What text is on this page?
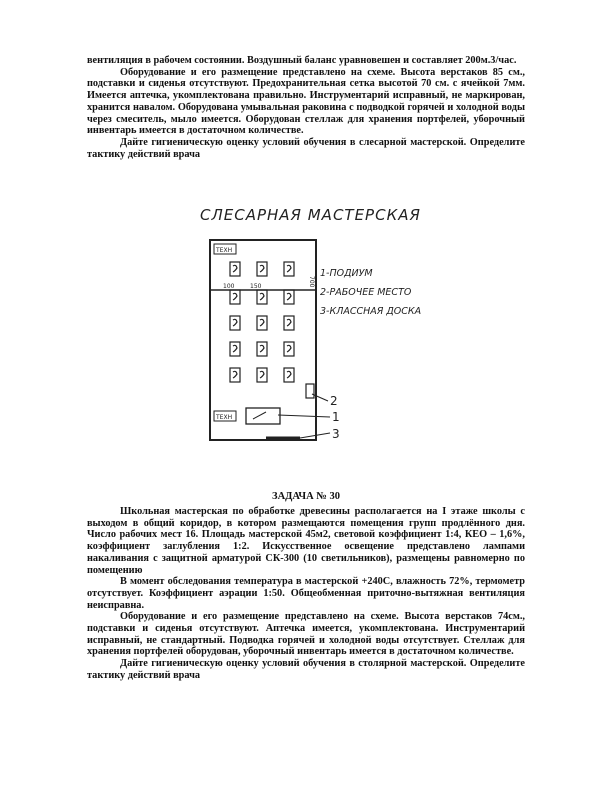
вентиляция в рабочем состоянии. Воздушный баланс уравновешен и составляет 200м.3/час.

Оборудование и его размещение представлено на схеме. Высота верстаков 85 см., подставки и сиденья отсутствуют. Предохранительная сетка высотой 70 см. с ячейкой 7мм. Имеется аптечка, укомплектована правильно. Инструментарий исправный, не маркирован, хранится навалом. Оборудована умывальная раковина с подводкой горячей и холодной воды через смеситель, мыло имеется. Оборудован стеллаж для хранения портфелей, уборочный инвентарь имеется в достаточном количестве.

Дайте гигиеническую оценку условий обучения в слесарной мастерской. Определите тактику действий врача

СЛЕСАРНАЯ МАСТЕРСКАЯ
ТЕХН
ТЕХН
100	150	700
2
1
3
1-ПОДИУМ
2-РАБОЧЕЕ МЕСТО
3-КЛАССНАЯ ДОСКА
ЗАДАЧА № 30

Школьная мастерская по обработке древесины располагается на I этаже школы с выходом в общий коридор, в котором размещаются помещения групп продлённого дня. Число рабочих мест 16. Площадь мастерской 45м2, световой коэффициент 1:4, КЕО – 1,6%, коэффициент заглубления 1:2. Искусственное освещение представлено лампами накаливания с защитной арматурой СК-300 (10 светильников), размещены равномерно по помещению

В момент обследования температура в мастерской +240С, влажность 72%, термометр отсутствует. Коэффициент аэрации 1:50. Общеобменная приточно-вытяжная вентиляция неисправна.

Оборудование и его размещение представлено на схеме. Высота верстаков 74см., подставки и сиденья отсутствуют. Аптечка имеется, укомплектована. Инструментарий исправный, не стандартный. Подводка горячей и холодной воды отсутствует. Стеллаж для хранения портфелей оборудован, уборочный инвентарь имеется в достаточном количестве.

Дайте гигиеническую оценку условий обучения в столярной мастерской. Определите тактику действий врача
